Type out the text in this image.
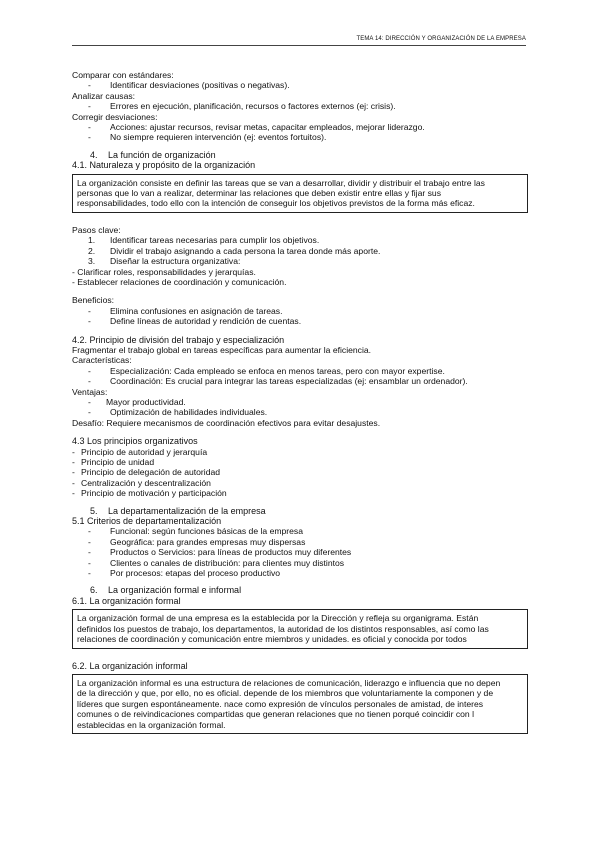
TEMA 14: DIRECCIÓN Y ORGANIZACIÓN DE LA EMPRESA
Comparar con estándares:
- Identificar desviaciones (positivas o negativas).
Analizar causas:
- Errores en ejecución, planificación, recursos o factores externos (ej: crisis).
Corregir desviaciones:
- Acciones: ajustar recursos, revisar metas, capacitar empleados, mejorar liderazgo.
- No siempre requieren intervención (ej: eventos fortuitos).
4. La función de organización
4.1. Naturaleza y propósito de la organización
La organización consiste en definir las tareas que se van a desarrollar, dividir y distribuir el trabajo entre las
personas que lo van a realizar, determinar las relaciones que deben existir entre ellas y fijar sus
responsabilidades, todo ello con la intención de conseguir los objetivos previstos de la forma más eficaz.
Pasos clave:
1. Identificar tareas necesarias para cumplir los objetivos.
2. Dividir el trabajo asignando a cada persona la tarea donde más aporte.
3. Diseñar la estructura organizativa:
- Clarificar roles, responsabilidades y jerarquías.
- Establecer relaciones de coordinación y comunicación.
Beneficios:
- Elimina confusiones en asignación de tareas.
- Define líneas de autoridad y rendición de cuentas.
4.2. Principio de división del trabajo y especialización
Fragmentar el trabajo global en tareas específicas para aumentar la eficiencia.
Características:
- Especialización: Cada empleado se enfoca en menos tareas, pero con mayor expertise.
- Coordinación: Es crucial para integrar las tareas especializadas (ej: ensamblar un ordenador).
Ventajas:
- Mayor productividad.
- Optimización de habilidades individuales.
Desafío: Requiere mecanismos de coordinación efectivos para evitar desajustes.
4.3 Los principios organizativos
- Principio de autoridad y jerarquía
- Principio de unidad
- Principio de delegación de autoridad
- Centralización y descentralización
- Principio de motivación y participación
5. La departamentalización de la empresa
5.1 Criterios de departamentalización
- Funcional: según funciones básicas de la empresa
- Geográfica: para grandes empresas muy dispersas
- Productos o Servicios: para líneas de productos muy diferentes
- Clientes o canales de distribución: para clientes muy distintos
- Por procesos: etapas del proceso productivo
6. La organización formal e informal
6.1. La organización formal
La organización formal de una empresa es la establecida por la Dirección y refleja su organigrama. Están
definidos los puestos de trabajo, los departamentos, la autoridad de los distintos responsables, así como las
relaciones de coordinación y comunicación entre miembros y unidades. es oficial y conocida por todos
6.2. La organización informal
La organización informal es una estructura de relaciones de comunicación, liderazgo e influencia que no depen
de la dirección y que, por ello, no es oficial. depende de los miembros que voluntariamente la componen y de
líderes que surgen espontáneamente. nace como expresión de vínculos personales de amistad, de interes
comunes o de reivindicaciones compartidas que generan relaciones que no tienen porqué coincidir con l
establecidas en la organización formal.
